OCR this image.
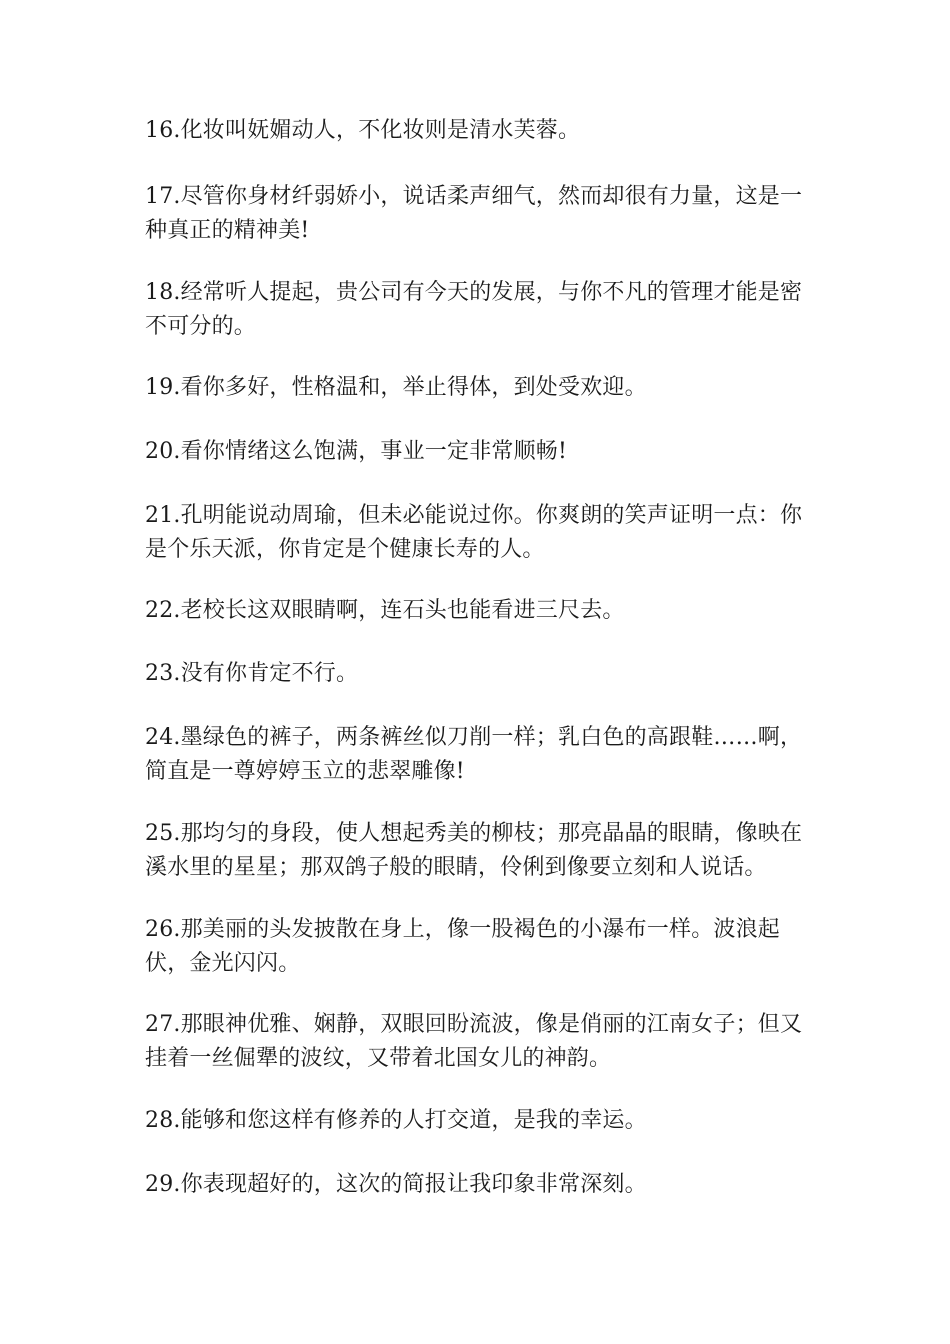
16.化妆叫妩媚动人，不化妆则是清水芙蓉。

17.尽管你身材纤弱娇小，说话柔声细气，然而却很有力量，这是一种真正的精神美!

18.经常听人提起，贵公司有今天的发展，与你不凡的管理才能是密不可分的。

19.看你多好，性格温和，举止得体，到处受欢迎。

20.看你情绪这么饱满，事业一定非常顺畅!

21.孔明能说动周瑜，但未必能说过你。你爽朗的笑声证明一点：你是个乐天派，你肯定是个健康长寿的人。

22.老校长这双眼睛啊，连石头也能看进三尺去。

23.没有你肯定不行。

24.墨绿色的裤子，两条裤丝似刀削一样；乳白色的高跟鞋……啊，简直是一尊婷婷玉立的悲翠雕像!

25.那均匀的身段，使人想起秀美的柳枝；那亮晶晶的眼睛，像映在溪水里的星星；那双鸽子般的眼睛，伶俐到像要立刻和人说话。

26.那美丽的头发披散在身上，像一股褐色的小瀑布一样。波浪起伏，金光闪闪。

27.那眼神优雅、娴静，双眼回盼流波，像是俏丽的江南女子；但又挂着一丝倔犟的波纹，又带着北国女儿的神韵。

28.能够和您这样有修养的人打交道，是我的幸运。

29.你表现超好的，这次的简报让我印象非常深刻。
